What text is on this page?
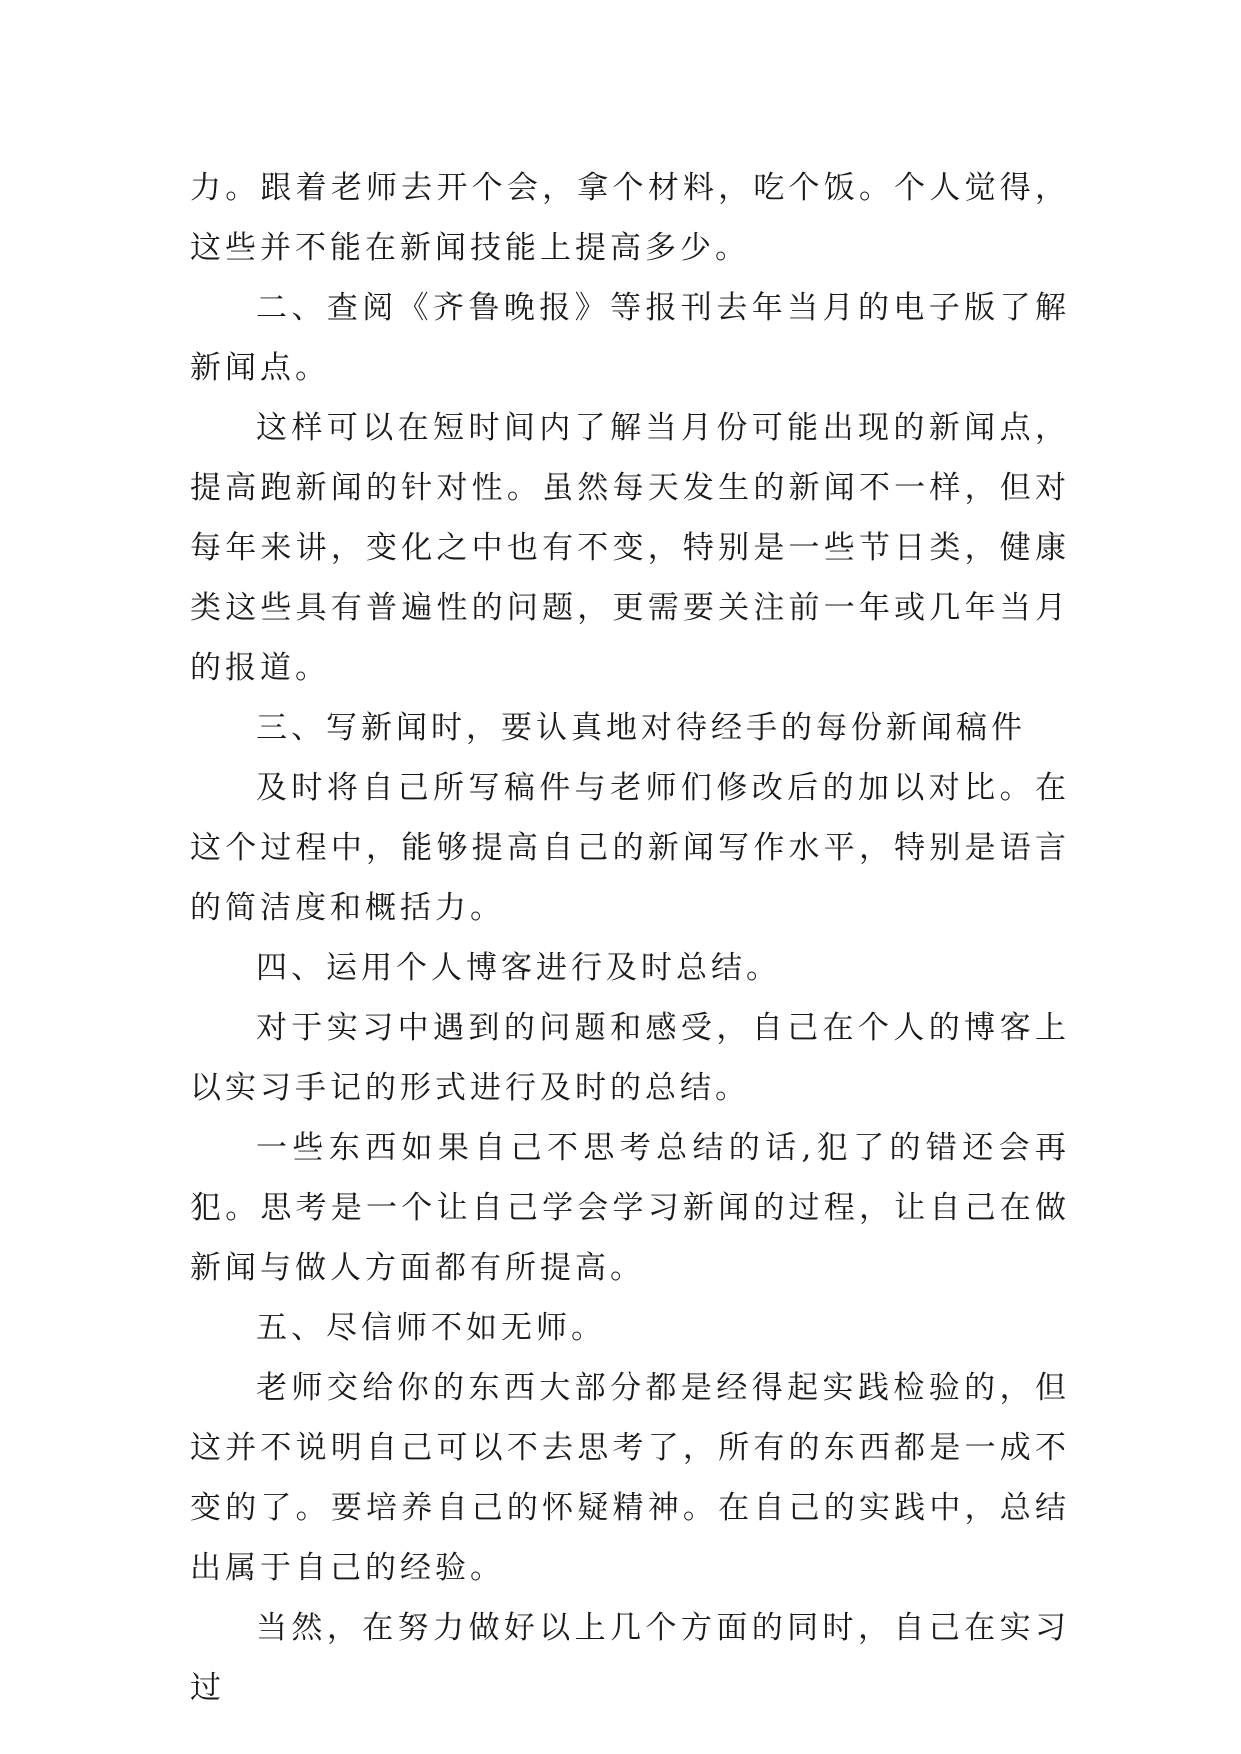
力。跟着老师去开个会，拿个材料，吃个饭。个人觉得，这些并不能在新闻技能上提高多少。

二、查阅《齐鲁晚报》等报刊去年当月的电子版了解新闻点。

这样可以在短时间内了解当月份可能出现的新闻点，提高跑新闻的针对性。虽然每天发生的新闻不一样，但对每年来讲，变化之中也有不变，特别是一些节日类，健康类这些具有普遍性的问题，更需要关注前一年或几年当月的报道。

三、写新闻时，要认真地对待经手的每份新闻稿件

及时将自己所写稿件与老师们修改后的加以对比。在这个过程中，能够提高自己的新闻写作水平，特别是语言的简洁度和概括力。

四、运用个人博客进行及时总结。

对于实习中遇到的问题和感受，自己在个人的博客上以实习手记的形式进行及时的总结。

一些东西如果自己不思考总结的话,犯了的错还会再犯。思考是一个让自己学会学习新闻的过程，让自己在做新闻与做人方面都有所提高。

五、尽信师不如无师。

老师交给你的东西大部分都是经得起实践检验的，但这并不说明自己可以不去思考了，所有的东西都是一成不变的了。要培养自己的怀疑精神。在自己的实践中，总结出属于自己的经验。

当然，在努力做好以上几个方面的同时，自己在实习过
